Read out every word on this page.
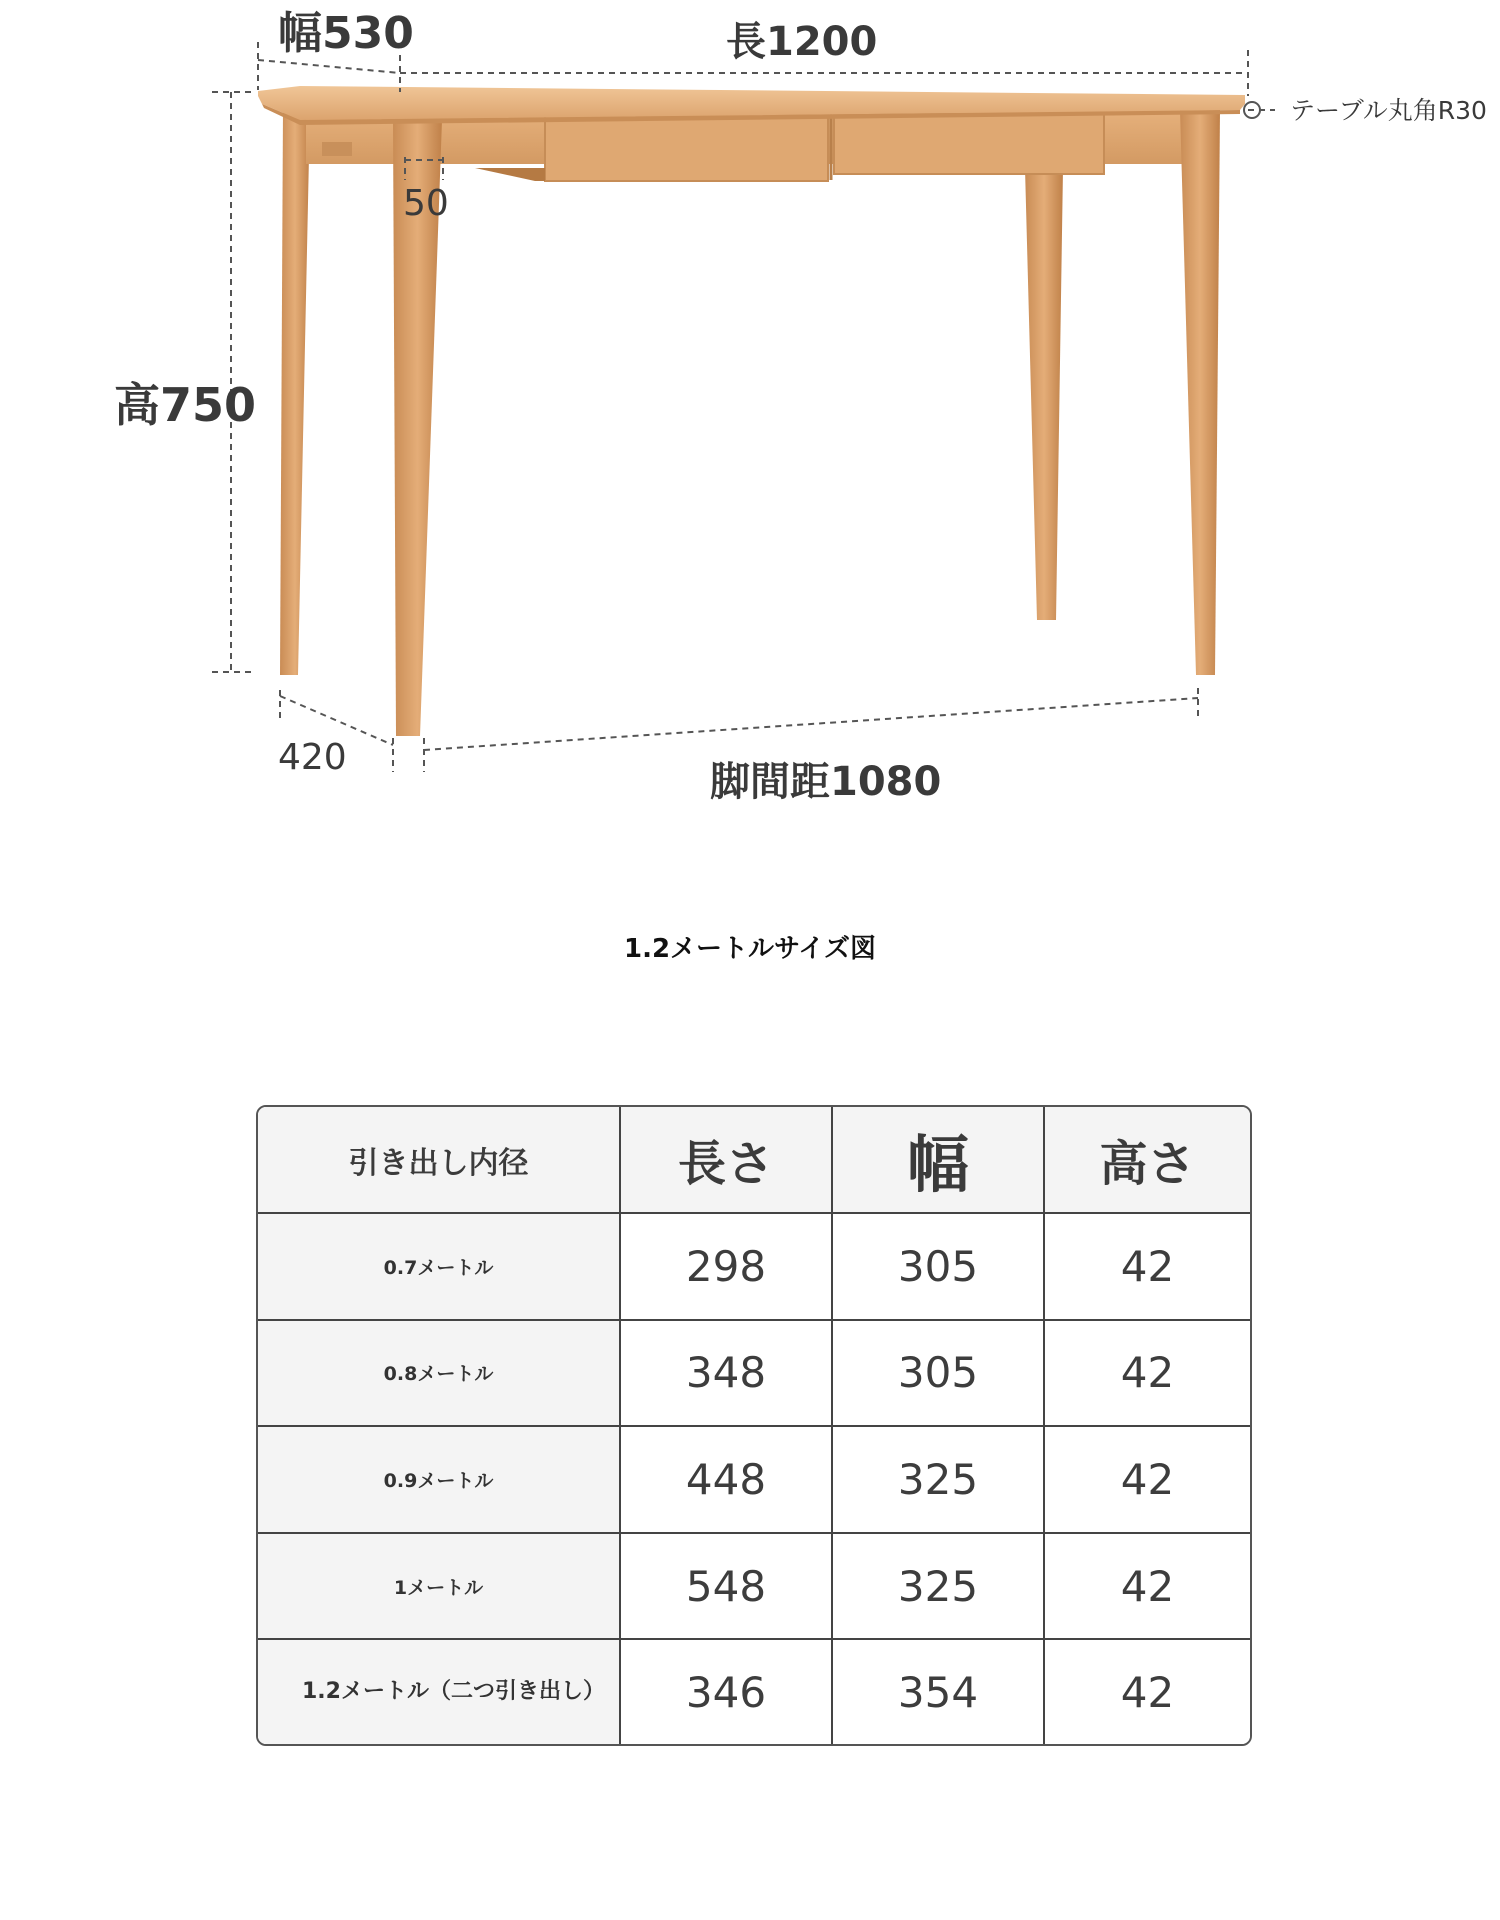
幅530	長1200
テーブル丸角R30
50
高750
420
脚間距1080
1.2メートルサイズ図
引き出し内径	長さ	幅	高さ
0.7メートル	298	305	42
0.8メートル	348	305	42
0.9メートル	448	325	42
1メートル	548	325	42
1.2メートル（二つ引き出し）	346	354	42
